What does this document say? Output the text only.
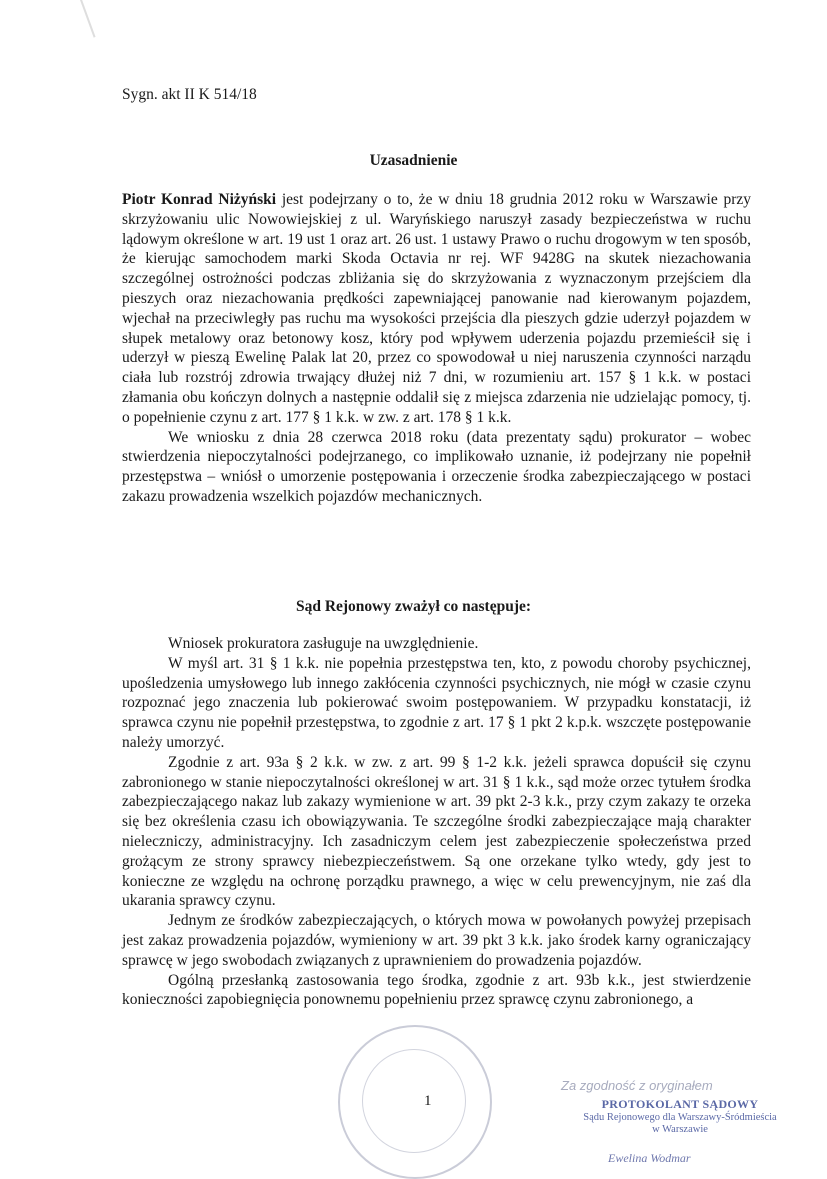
Sygn. akt II K 514/18
Uzasadnienie

Piotr Konrad Niżyński jest podejrzany o to, że w dniu 18 grudnia 2012 roku w Warszawie przy skrzyżowaniu ulic Nowowiejskiej z ul. Waryńskiego naruszył zasady bezpieczeństwa w ruchu lądowym określone w art. 19 ust 1 oraz art. 26 ust. 1 ustawy Prawo o ruchu drogowym w ten sposób, że kierując samochodem marki Skoda Octavia nr rej. WF 9428G na skutek niezachowania szczególnej ostrożności podczas zbliżania się do skrzyżowania z wyznaczonym przejściem dla pieszych oraz niezachowania prędkości zapewniającej panowanie nad kierowanym pojazdem, wjechał na przeciwległy pas ruchu ma wysokości przejścia dla pieszych gdzie uderzył pojazdem w słupek metalowy oraz betonowy kosz, który pod wpływem uderzenia pojazdu przemieścił się i uderzył w pieszą Ewelinę Palak lat 20, przez co spowodował u niej naruszenia czynności narządu ciała lub rozstrój zdrowia trwający dłużej niż 7 dni, w rozumieniu art. 157 § 1 k.k. w postaci złamania obu kończyn dolnych a następnie oddalił się z miejsca zdarzenia nie udzielając pomocy, tj. o popełnienie czynu z art. 177 § 1 k.k. w zw. z art. 178 § 1 k.k.

We wniosku z dnia 28 czerwca 2018 roku (data prezentaty sądu) prokurator – wobec stwierdzenia niepoczytalności podejrzanego, co implikowało uznanie, iż podejrzany nie popełnił przestępstwa – wniósł o umorzenie postępowania i orzeczenie środka zabezpieczającego w postaci zakazu prowadzenia wszelkich pojazdów mechanicznych.

Sąd Rejonowy zważył co następuje:

Wniosek prokuratora zasługuje na uwzględnienie.

W myśl art. 31 § 1 k.k. nie popełnia przestępstwa ten, kto, z powodu choroby psychicznej, upośledzenia umysłowego lub innego zakłócenia czynności psychicznych, nie mógł w czasie czynu rozpoznać jego znaczenia lub pokierować swoim postępowaniem. W przypadku konstatacji, iż sprawca czynu nie popełnił przestępstwa, to zgodnie z art. 17 § 1 pkt 2 k.p.k. wszczęte postępowanie należy umorzyć.

Zgodnie z art. 93a § 2 k.k. w zw. z art. 99 § 1-2 k.k. jeżeli sprawca dopuścił się czynu zabronionego w stanie niepoczytalności określonej w art. 31 § 1 k.k., sąd może orzec tytułem środka zabezpieczającego nakaz lub zakazy wymienione w art. 39 pkt 2-3 k.k., przy czym zakazy te orzeka się bez określenia czasu ich obowiązywania. Te szczególne środki zabezpieczające mają charakter nieleczniczy, administracyjny. Ich zasadniczym celem jest zabezpieczenie społeczeństwa przed grożącym ze strony sprawcy niebezpieczeństwem. Są one orzekane tylko wtedy, gdy jest to konieczne ze względu na ochronę porządku prawnego, a więc w celu prewencyjnym, nie zaś dla ukarania sprawcy czynu.

Jednym ze środków zabezpieczających, o których mowa w powołanych powyżej przepisach jest zakaz prowadzenia pojazdów, wymieniony w art. 39 pkt 3 k.k. jako środek karny ograniczający sprawcę w jego swobodach związanych z uprawnieniem do prowadzenia pojazdów.

Ogólną przesłanką zastosowania tego środka, zgodnie z art. 93b k.k., jest stwierdzenie konieczności zapobiegnięcia ponownemu popełnieniu przez sprawcę czynu zabronionego, a

1
Za zgodność z oryginałem
PROTOKOLANT SĄDOWY
Sądu Rejonowego dla Warszawy-Śródmieścia
w Warszawie
Ewelina Wodmar
